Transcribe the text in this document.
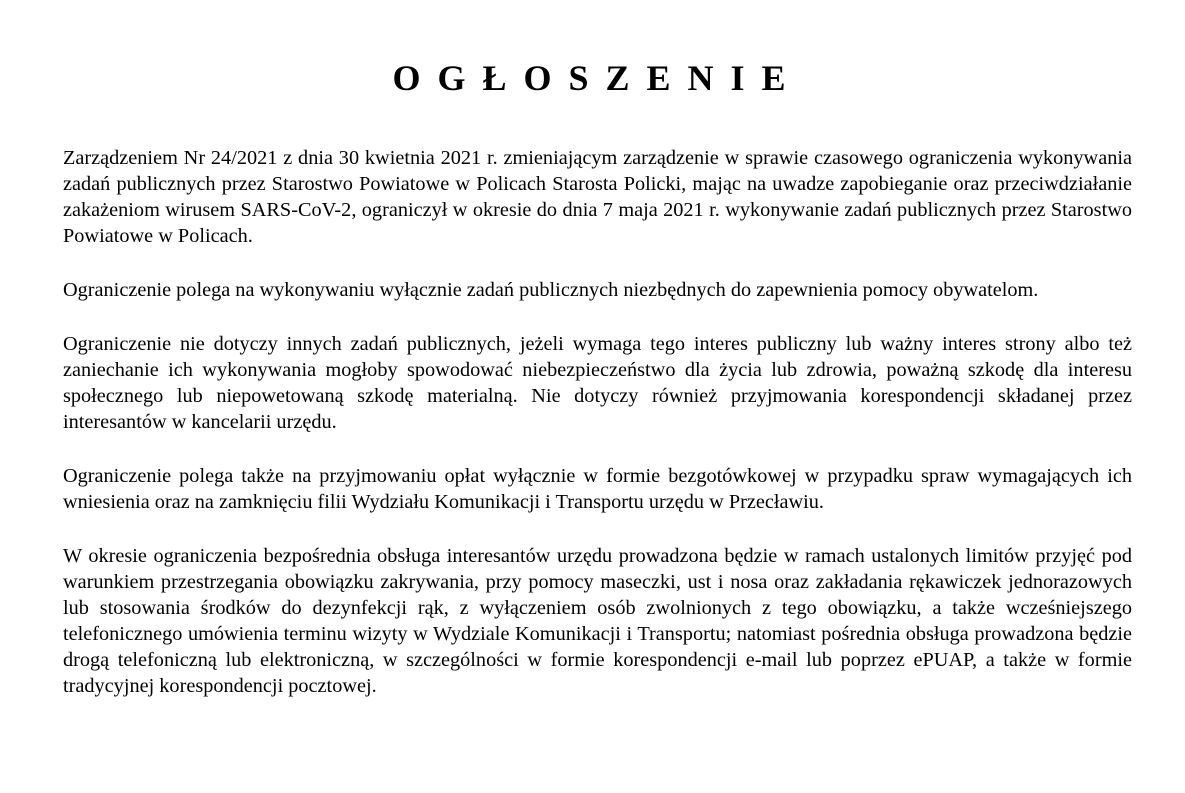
OGŁOSZENIE

Zarządzeniem Nr 24/2021 z dnia 30 kwietnia 2021 r. zmieniającym zarządzenie w sprawie czasowego ograniczenia wykonywania zadań publicznych przez Starostwo Powiatowe w Policach Starosta Policki, mając na uwadze zapobieganie oraz przeciwdziałanie zakażeniom wirusem SARS-CoV-2, ograniczył w okresie do dnia 7 maja 2021 r. wykonywanie zadań publicznych przez Starostwo Powiatowe w Policach.

Ograniczenie polega na wykonywaniu wyłącznie zadań publicznych niezbędnych do zapewnienia pomocy obywatelom.

Ograniczenie nie dotyczy innych zadań publicznych, jeżeli wymaga tego interes publiczny lub ważny interes strony albo też zaniechanie ich wykonywania mogłoby spowodować niebezpieczeństwo dla życia lub zdrowia, poważną szkodę dla interesu społecznego lub niepowetowaną szkodę materialną. Nie dotyczy również przyjmowania korespondencji składanej przez interesantów w kancelarii urzędu.

Ograniczenie polega także na przyjmowaniu opłat wyłącznie w formie bezgotówkowej w przypadku spraw wymagających ich wniesienia oraz na zamknięciu filii Wydziału Komunikacji i Transportu urzędu w Przecławiu.

W okresie ograniczenia bezpośrednia obsługa interesantów urzędu prowadzona będzie w ramach ustalonych limitów przyjęć pod warunkiem przestrzegania obowiązku zakrywania, przy pomocy maseczki, ust i nosa oraz zakładania rękawiczek jednorazowych lub stosowania środków do dezynfekcji rąk, z wyłączeniem osób zwolnionych z tego obowiązku, a także wcześniejszego telefonicznego umówienia terminu wizyty w Wydziale Komunikacji i Transportu; natomiast pośrednia obsługa prowadzona będzie drogą telefoniczną lub elektroniczną, w szczególności w formie korespondencji e-mail lub poprzez ePUAP, a także w formie tradycyjnej korespondencji pocztowej.
